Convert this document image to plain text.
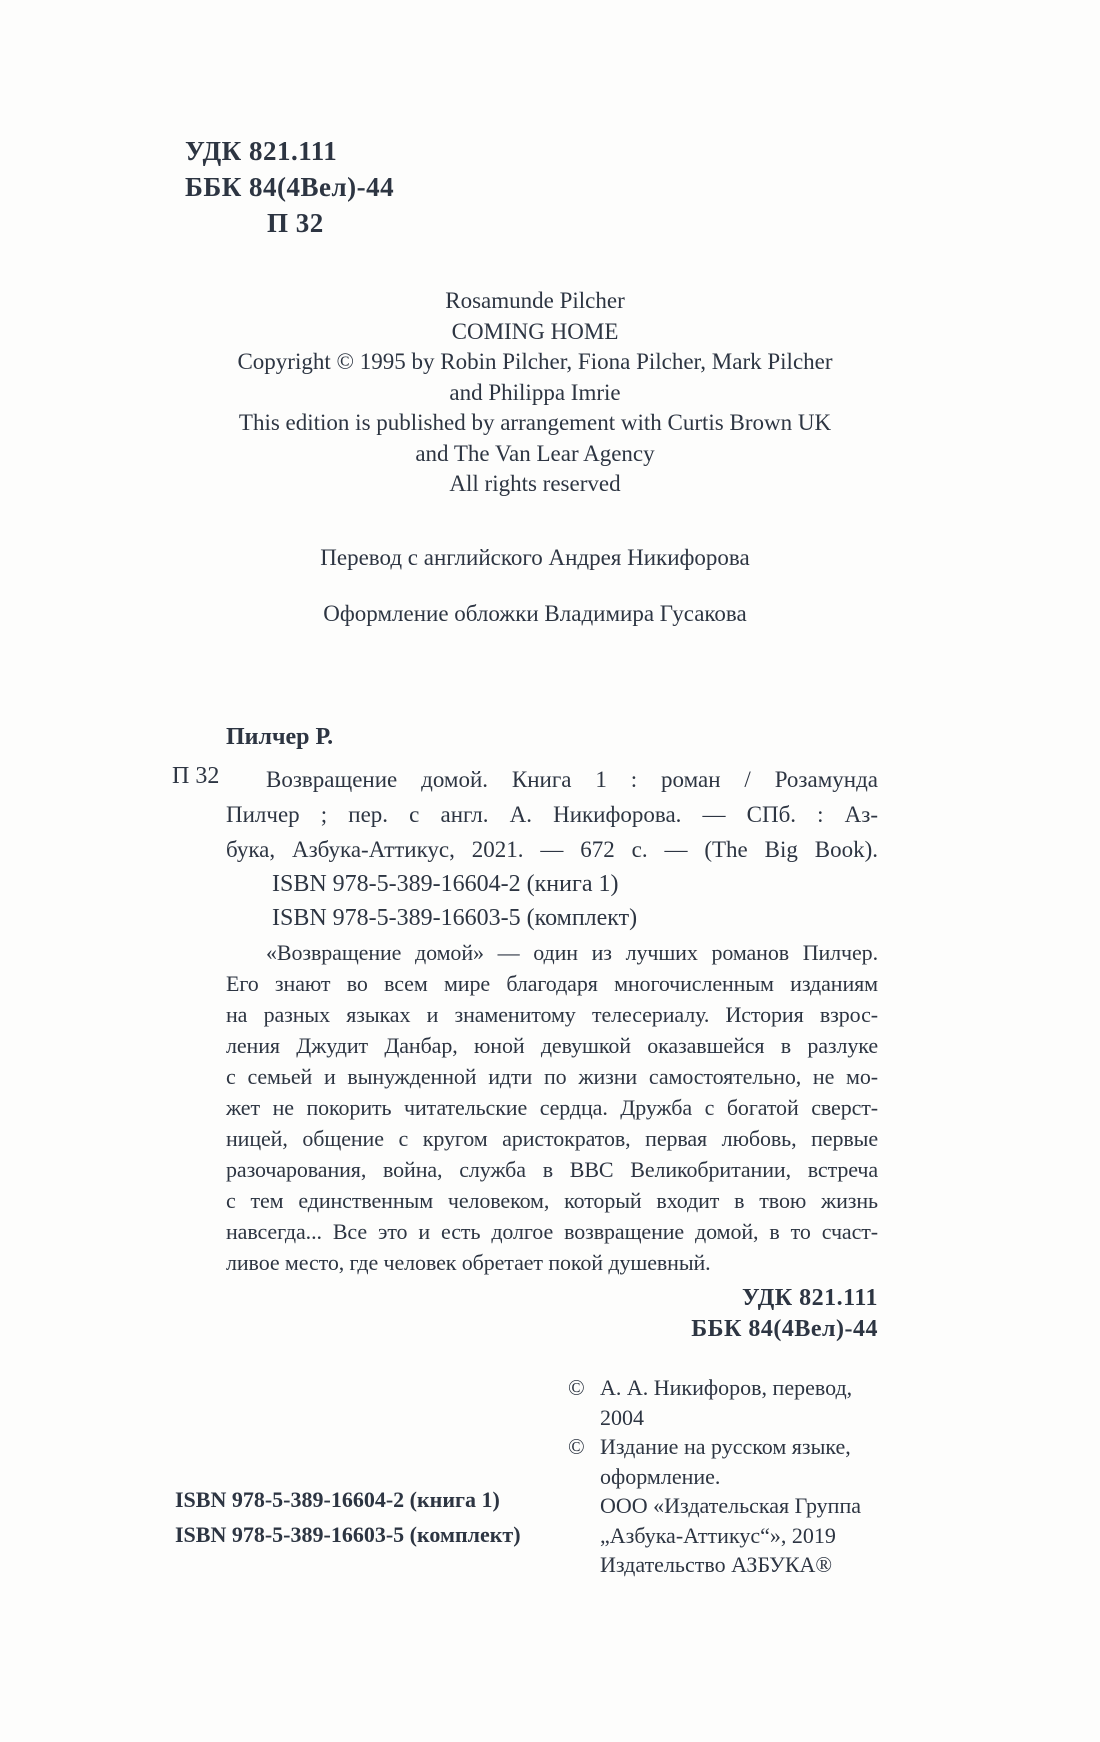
УДК 821.111
ББК 84(4Вел)-44
П 32
Rosamunde Pilcher
COMING HOME
Copyright © 1995 by Robin Pilcher, Fiona Pilcher, Mark Pilcher
and Philippa Imrie
This edition is published by arrangement with Curtis Brown UK
and The Van Lear Agency
All rights reserved
Перевод с английского Андрея Никифорова
Оформление обложки Владимира Гусакова
Пилчер Р.
П 32 Возвращение домой. Книга 1 : роман / Розамунда
Пилчер ; пер. с англ. А. Никифорова. — СПб. : Аз-
бука, Азбука-Аттикус, 2021. — 672 с. — (The Big Book).
ISBN 978-5-389-16604-2 (книга 1)
ISBN 978-5-389-16603-5 (комплект)
«Возвращение домой» — один из лучших романов Пилчер.
Его знают во всем мире благодаря многочисленным изданиям
на разных языках и знаменитому телесериалу. История взрос-
ления Джудит Данбар, юной девушкой оказавшейся в разлуке
с семьей и вынужденной идти по жизни самостоятельно, не мо-
жет не покорить читательские сердца. Дружба с богатой сверст-
ницей, общение с кругом аристократов, первая любовь, первые
разочарования, война, служба в ВВС Великобритании, встреча
с тем единственным человеком, который входит в твою жизнь
навсегда... Все это и есть долгое возвращение домой, в то счаст-
ливое место, где человек обретает покой душевный.
УДК 821.111
ББК 84(4Вел)-44
© А. А. Никифоров, перевод, 2004
© Издание на русском языке,
оформление.
ООО «Издательская Группа
„Азбука-Аттикус“», 2019
Издательство АЗБУКА®
ISBN 978-5-389-16604-2 (книга 1)
ISBN 978-5-389-16603-5 (комплект)
